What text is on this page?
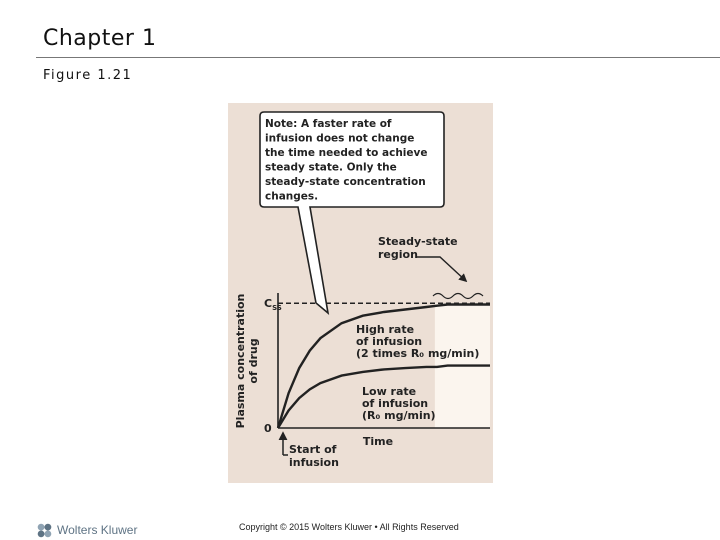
Chapter 1
Figure 1.21
0
$C_{SS}$
High rate of infusion (2 times R₀ mg/min)
Low rate of infusion (R₀ mg/min)
Plasma concentrationof drug
Time
Start of infusion
Steady-state region
Note: A faster rate of infusion does not change the time needed to achieve steady state. Only the steady-state concentration changes.
Wolters Kluwer	Copyright © 2015 Wolters Kluwer • All Rights Reserved
